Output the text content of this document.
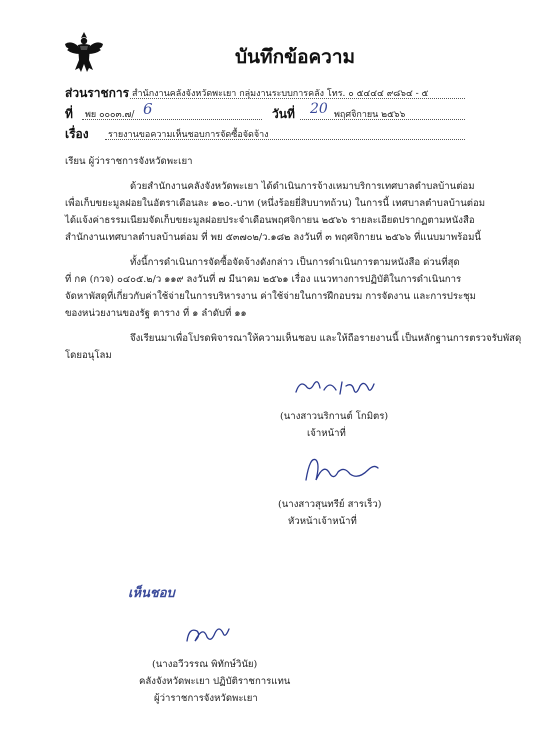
บันทึกข้อความ
ส่วนราชการ สำนักงานคลังจังหวัดพะเยา กลุ่มงานระบบการคลัง โทร. ๐ ๕๔๔๔ ๙๘๖๔ - ๕
ที่ พย ๐๐๐๓.๗/ 6	วันที่ 20 พฤศจิกายน ๒๕๖๖
เรื่อง รายงานขอความเห็นชอบการจัดซื้อจัดจ้าง
เรียน ผู้ว่าราชการจังหวัดพะเยา
ด้วยสำนักงานคลังจังหวัดพะเยา ได้ดำเนินการจ้างเหมาบริการเทศบาลตำบลบ้านต่อม
เพื่อเก็บขยะมูลฝอยในอัตราเดือนละ ๑๒๐.-บาท (หนึ่งร้อยยี่สิบบาทถ้วน) ในการนี้ เทศบาลตำบลบ้านต่อม
ได้แจ้งค่าธรรมเนียมจัดเก็บขยะมูลฝอยประจำเดือนพฤศจิกายน ๒๕๖๖ รายละเอียดปรากฏตามหนังสือ
สำนักงานเทศบาลตำบลบ้านต่อม ที่ พย ๕๓๗๐๒/ว.๑๘๒ ลงวันที่ ๓ พฤศจิกายน ๒๕๖๖ ที่แนบมาพร้อมนี้
ทั้งนี้การดำเนินการจัดซื้อจัดจ้างดังกล่าว เป็นการดำเนินการตามหนังสือ ด่วนที่สุด
ที่ กค (กวจ) ๐๔๐๕.๒/ว ๑๑๙ ลงวันที่ ๗ มีนาคม ๒๕๖๑ เรื่อง แนวทางการปฏิบัติในการดำเนินการ
จัดหาพัสดุที่เกี่ยวกับค่าใช้จ่ายในการบริหารงาน ค่าใช้จ่ายในการฝึกอบรม การจัดงาน และการประชุม
ของหน่วยงานของรัฐ ตาราง ที่ ๑ ลำดับที่ ๑๑
จึงเรียนมาเพื่อโปรดพิจารณาให้ความเห็นชอบ และให้ถือรายงานนี้ เป็นหลักฐานการตรวจรับพัสดุ
โดยอนุโลม
(นางสาวนริกานต์ โกมิตร)
เจ้าหน้าที่
(นางสาวสุนทรีย์ สารเร็ว)
หัวหน้าเจ้าหน้าที่
เห็นชอบ
(นางอวีวรรณ พิทักษ์วินัย)
คลังจังหวัดพะเยา ปฏิบัติราชการแทน
ผู้ว่าราชการจังหวัดพะเยา
